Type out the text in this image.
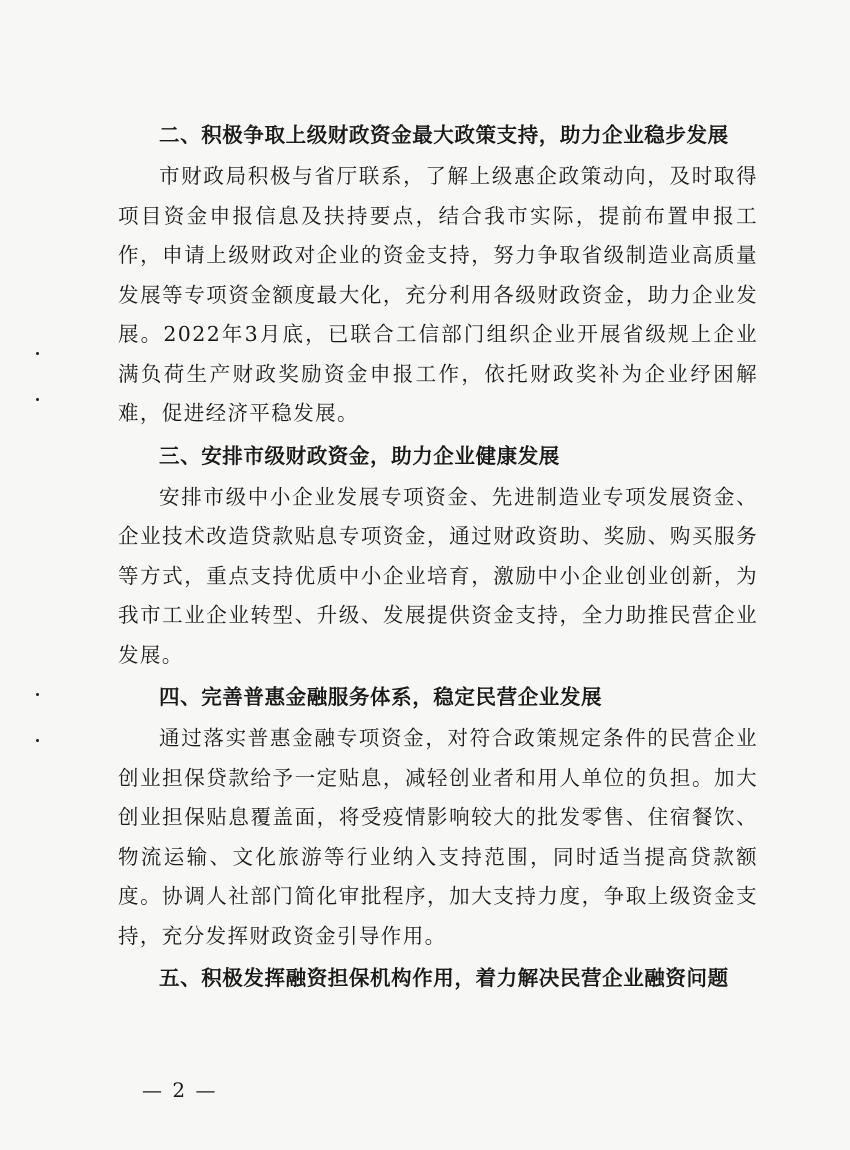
二、积极争取上级财政资金最大政策支持，助力企业稳步发展

市财政局积极与省厅联系，了解上级惠企政策动向，及时取得项目资金申报信息及扶持要点，结合我市实际，提前布置申报工作，申请上级财政对企业的资金支持，努力争取省级制造业高质量发展等专项资金额度最大化，充分利用各级财政资金，助力企业发展。2022年3月底，已联合工信部门组织企业开展省级规上企业满负荷生产财政奖励资金申报工作，依托财政奖补为企业纾困解难，促进经济平稳发展。

三、安排市级财政资金，助力企业健康发展

安排市级中小企业发展专项资金、先进制造业专项发展资金、企业技术改造贷款贴息专项资金，通过财政资助、奖励、购买服务等方式，重点支持优质中小企业培育，激励中小企业创业创新，为我市工业企业转型、升级、发展提供资金支持，全力助推民营企业发展。

四、完善普惠金融服务体系，稳定民营企业发展

通过落实普惠金融专项资金，对符合政策规定条件的民营企业创业担保贷款给予一定贴息，减轻创业者和用人单位的负担。加大创业担保贴息覆盖面，将受疫情影响较大的批发零售、住宿餐饮、物流运输、文化旅游等行业纳入支持范围，同时适当提高贷款额度。协调人社部门简化审批程序，加大支持力度，争取上级资金支持，充分发挥财政资金引导作用。

五、积极发挥融资担保机构作用，着力解决民营企业融资问题

— 2 —
